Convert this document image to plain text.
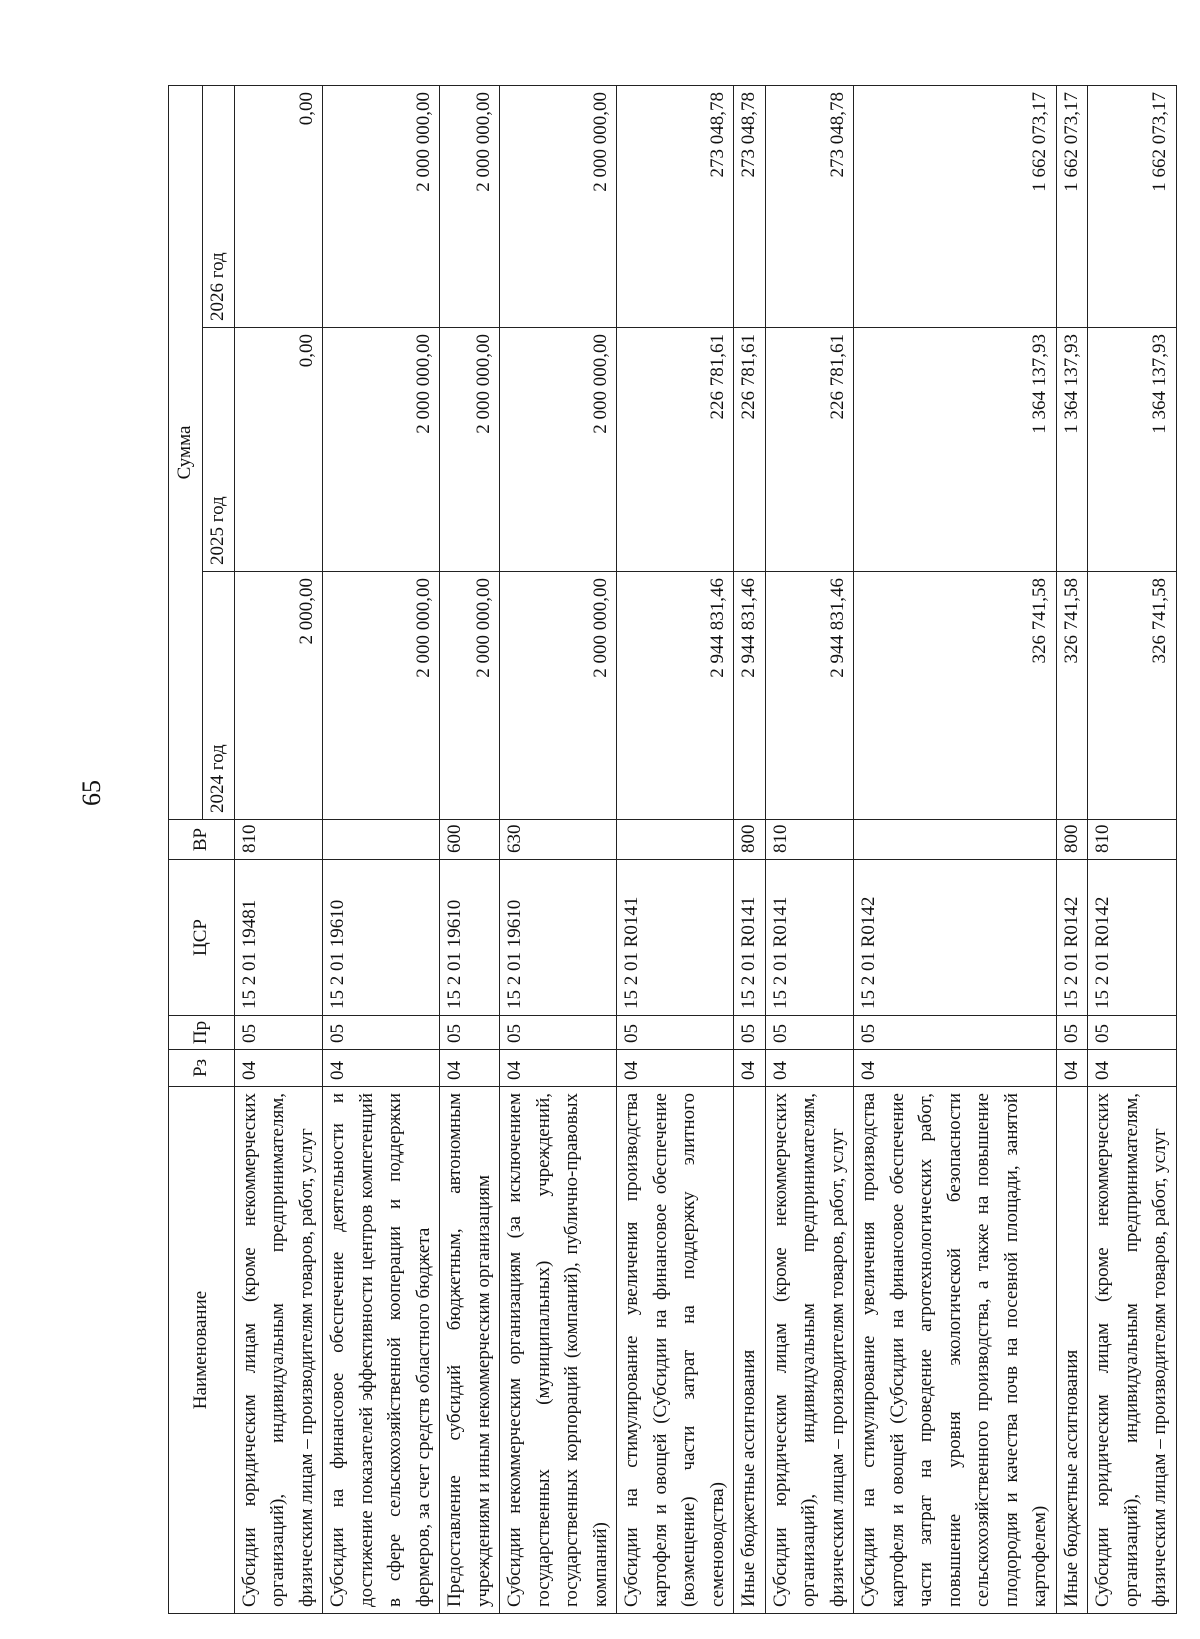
65
Наименование	Рз	Пр	ЦСР	ВР	Сумма		
					2024 год	2025 год	2026 год
Субсидии юридическим лицам (кроме некоммерческих организаций), индивидуальным предпринимателям, физическим лицам – производителям товаров, работ, услуг	04	05	15 2 01 19481	810	2 000,00	0,00	0,00
Субсидии на финансовое обеспечение деятельности и достижение показателей эффективности центров компетенций в сфере сельскохозяйственной кооперации и поддержки фермеров, за счет средств областного бюджета	04	05	15 2 01 19610		2 000 000,00	2 000 000,00	2 000 000,00
Предоставление субсидий бюджетным, автономным учреждениям и иным некоммерческим организациям	04	05	15 2 01 19610	600	2 000 000,00	2 000 000,00	2 000 000,00
Субсидии некоммерческим организациям (за исключением государственных (муниципальных) учреждений, государственных корпораций (компаний), публично-правовых компаний)	04	05	15 2 01 19610	630	2 000 000,00	2 000 000,00	2 000 000,00
Субсидии на стимулирование увеличения производства картофеля и овощей (Субсидии на финансовое обеспечение (возмещение) части затрат на поддержку элитного семеноводства)	04	05	15 2 01 R0141		2 944 831,46	226 781,61	273 048,78
Иные бюджетные ассигнования	04	05	15 2 01 R0141	800	2 944 831,46	226 781,61	273 048,78
Субсидии юридическим лицам (кроме некоммерческих организаций), индивидуальным предпринимателям, физическим лицам – производителям товаров, работ, услуг	04	05	15 2 01 R0141	810	2 944 831,46	226 781,61	273 048,78
Субсидии на стимулирование увеличения производства картофеля и овощей (Субсидии на финансовое обеспечение части затрат на проведение агротехнологических работ, повышение уровня экологической безопасности сельскохозяйственного производства, а также на повышение плодородия и качества почв на посевной площади, занятой картофелем)	04	05	15 2 01 R0142		326 741,58	1 364 137,93	1 662 073,17
Иные бюджетные ассигнования	04	05	15 2 01 R0142	800	326 741,58	1 364 137,93	1 662 073,17
Субсидии юридическим лицам (кроме некоммерческих организаций), индивидуальным предпринимателям, физическим лицам – производителям товаров, работ, услуг	04	05	15 2 01 R0142	810	326 741,58	1 364 137,93	1 662 073,17
